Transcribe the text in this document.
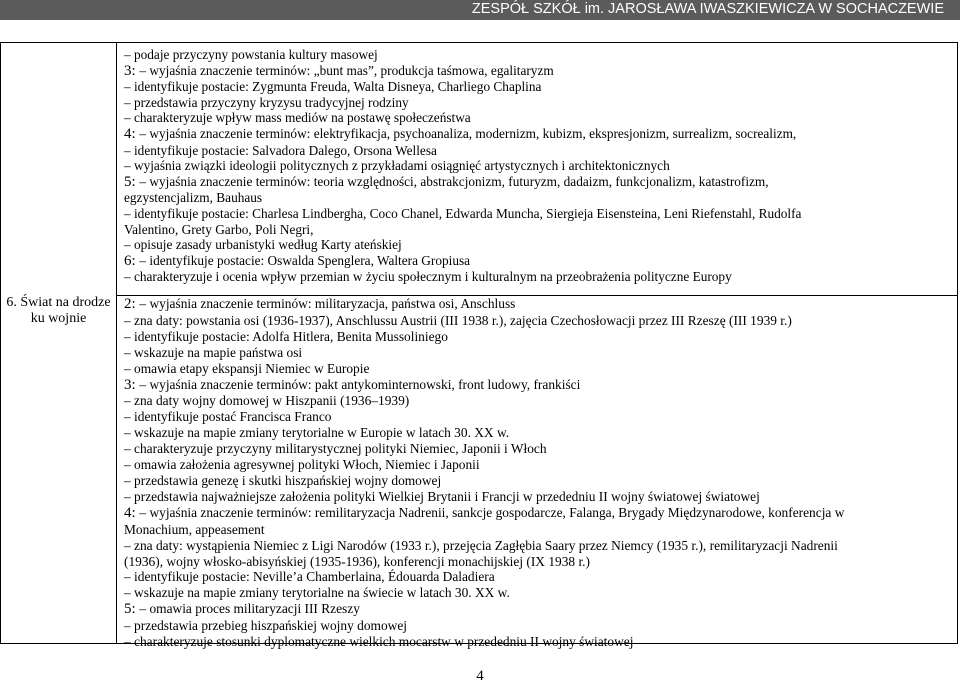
ZESPÓŁ SZKÓŁ im. JAROSŁAWA IWASZKIEWICZA W SOCHACZEWIE
6. Świat na drodze ku wojnie
– podaje przyczyny powstania kultury masowej
3: – wyjaśnia znaczenie terminów: „bunt mas”, produkcja taśmowa, egalitaryzm
– identyfikuje postacie: Zygmunta Freuda, Walta Disneya, Charliego Chaplina
– przedstawia przyczyny kryzysu tradycyjnej rodziny
– charakteryzuje wpływ mass mediów na postawę społeczeństwa
4: – wyjaśnia znaczenie terminów: elektryfikacja, psychoanaliza, modernizm, kubizm, ekspresjonizm, surrealizm, socrealizm,
– identyfikuje postacie: Salvadora Dalego, Orsona Wellesa
– wyjaśnia związki ideologii politycznych z przykładami osiągnięć artystycznych i architektonicznych
5: – wyjaśnia znaczenie terminów: teoria względności, abstrakcjonizm, futuryzm, dadaizm, funkcjonalizm, katastrofizm,
egzystencjalizm, Bauhaus
– identyfikuje postacie: Charlesa Lindbergha, Coco Chanel, Edwarda Muncha, Siergieja Eisensteina, Leni Riefenstahl, Rudolfa
Valentino, Grety Garbo, Poli Negri,
– opisuje zasady urbanistyki według Karty ateńskiej
6: – identyfikuje postacie: Oswalda Spenglera, Waltera Gropiusa
– charakteryzuje i ocenia wpływ przemian w życiu społecznym i kulturalnym na przeobrażenia polityczne Europy
2: – wyjaśnia znaczenie terminów: militaryzacja, państwa osi, Anschluss
– zna daty: powstania osi (1936-1937), Anschlussu Austrii (III 1938 r.), zajęcia Czechosłowacji przez III Rzeszę (III 1939 r.)
– identyfikuje postacie: Adolfa Hitlera, Benita Mussoliniego
– wskazuje na mapie państwa osi
– omawia etapy ekspansji Niemiec w Europie
3: – wyjaśnia znaczenie terminów: pakt antykominternowski, front ludowy, frankiści
– zna daty wojny domowej w Hiszpanii (1936–1939)
– identyfikuje postać Francisca Franco
– wskazuje na mapie zmiany terytorialne w Europie w latach 30. XX w.
– charakteryzuje przyczyny militarystycznej polityki Niemiec, Japonii i Włoch
– omawia założenia agresywnej polityki Włoch, Niemiec i Japonii
– przedstawia genezę i skutki hiszpańskiej wojny domowej
– przedstawia najważniejsze założenia polityki Wielkiej Brytanii i Francji w przededniu II wojny światowej światowej
4: – wyjaśnia znaczenie terminów: remilitaryzacja Nadrenii, sankcje gospodarcze, Falanga, Brygady Międzynarodowe, konferencja w
Monachium, appeasement
– zna daty: wystąpienia Niemiec z Ligi Narodów (1933 r.), przejęcia Zagłębia Saary przez Niemcy (1935 r.), remilitaryzacji Nadrenii
(1936), wojny włosko-abisyńskiej (1935-1936), konferencji monachijskiej (IX 1938 r.)
– identyfikuje postacie: Neville’a Chamberlaina, Édouarda Daladiera
– wskazuje na mapie zmiany terytorialne na świecie w latach 30. XX w.
5: – omawia proces militaryzacji III Rzeszy
– przedstawia przebieg hiszpańskiej wojny domowej
– charakteryzuje stosunki dyplomatyczne wielkich mocarstw w przededniu II wojny światowej
4
